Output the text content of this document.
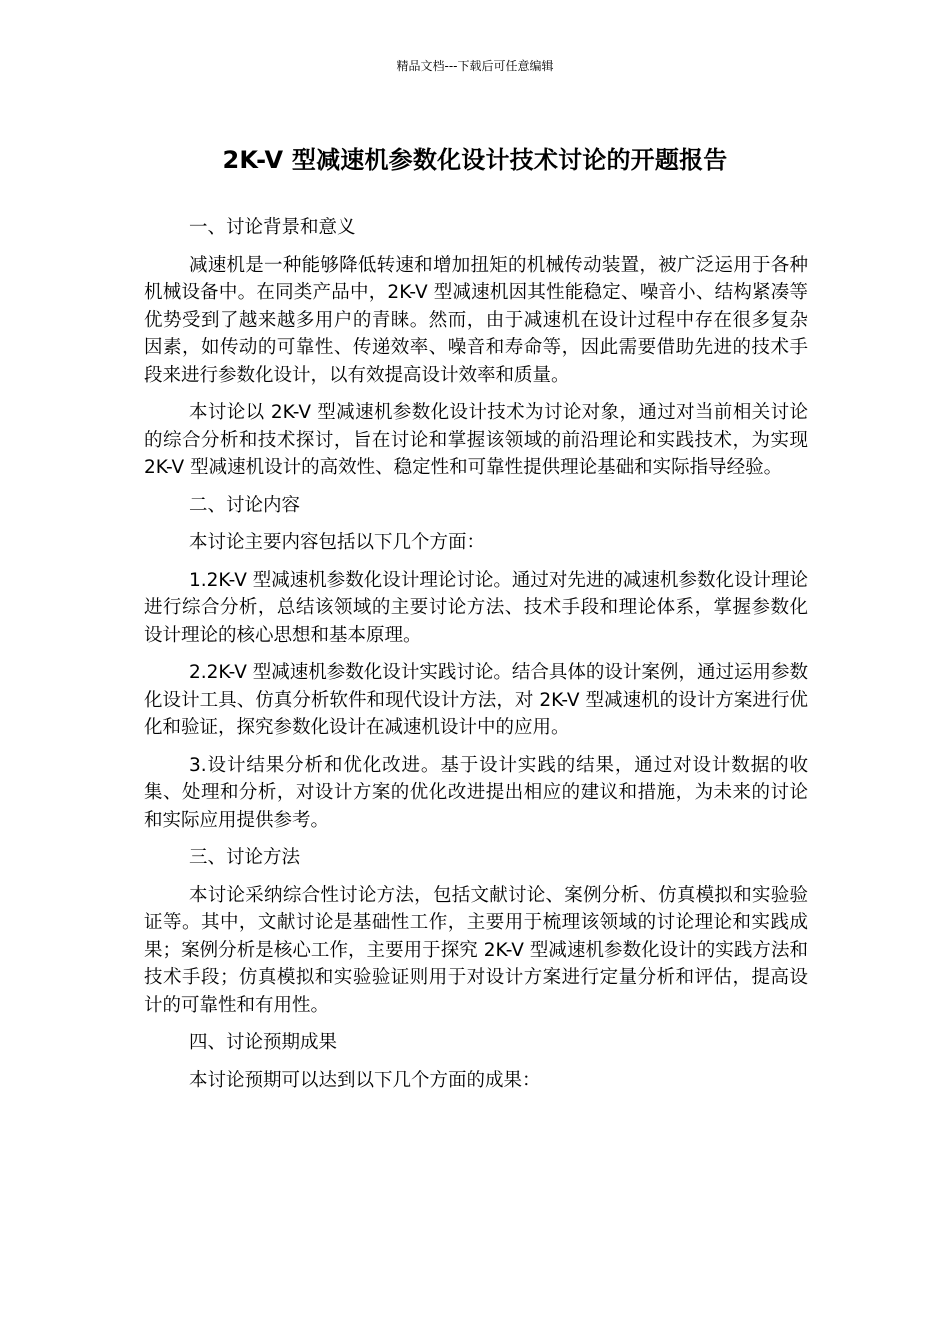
精品文档---下载后可任意编辑
2K-V 型减速机参数化设计技术讨论的开题报告
一、讨论背景和意义
减速机是一种能够降低转速和增加扭矩的机械传动装置，被广泛运用于各种机械设备中。在同类产品中，2K-V 型减速机因其性能稳定、噪音小、结构紧凑等优势受到了越来越多用户的青睐。然而，由于减速机在设计过程中存在很多复杂因素，如传动的可靠性、传递效率、噪音和寿命等，因此需要借助先进的技术手段来进行参数化设计，以有效提高设计效率和质量。
本讨论以 2K-V 型减速机参数化设计技术为讨论对象，通过对当前相关讨论的综合分析和技术探讨，旨在讨论和掌握该领域的前沿理论和实践技术，为实现 2K-V 型减速机设计的高效性、稳定性和可靠性提供理论基础和实际指导经验。
二、讨论内容
本讨论主要内容包括以下几个方面：
1.2K-V 型减速机参数化设计理论讨论。通过对先进的减速机参数化设计理论进行综合分析，总结该领域的主要讨论方法、技术手段和理论体系，掌握参数化设计理论的核心思想和基本原理。
2.2K-V 型减速机参数化设计实践讨论。结合具体的设计案例，通过运用参数化设计工具、仿真分析软件和现代设计方法，对 2K-V 型减速机的设计方案进行优化和验证，探究参数化设计在减速机设计中的应用。
3.设计结果分析和优化改进。基于设计实践的结果，通过对设计数据的收集、处理和分析，对设计方案的优化改进提出相应的建议和措施，为未来的讨论和实际应用提供参考。
三、讨论方法
本讨论采纳综合性讨论方法，包括文献讨论、案例分析、仿真模拟和实验验证等。其中，文献讨论是基础性工作，主要用于梳理该领域的讨论理论和实践成果；案例分析是核心工作，主要用于探究 2K-V 型减速机参数化设计的实践方法和技术手段；仿真模拟和实验验证则用于对设计方案进行定量分析和评估，提高设计的可靠性和有用性。
四、讨论预期成果
本讨论预期可以达到以下几个方面的成果：
